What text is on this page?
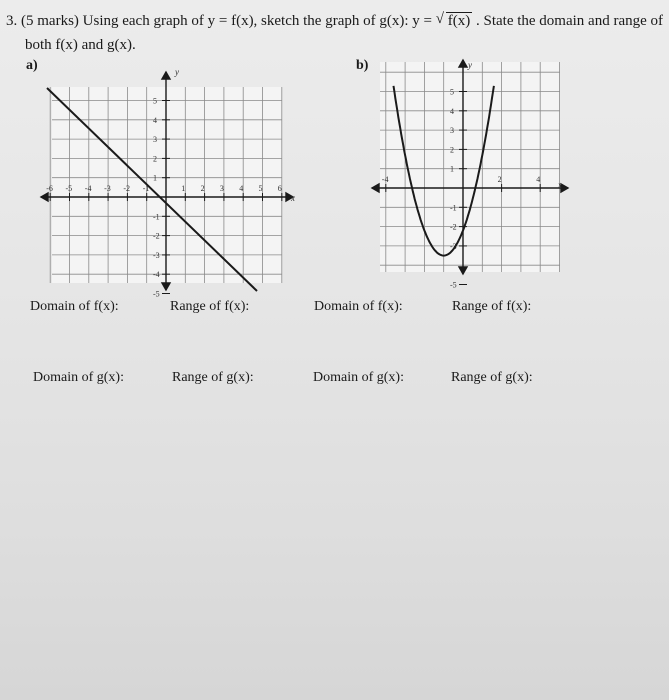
3. (5 marks) Using each graph of y = f(x), sketch the graph of g(x): y = √ f(x) . State the domain and range of
both f(x) and g(x).
a)	b)
-6 -5 -4 -3 -2 -1	1 2 3 4 5 6
1
2
3
4
5
-1
-2
-3
-4
-5
y
x
-4	2	4
1
2
3
4
5
-1
-2
-3
-5
y
x
Domain of f(x):	Range of f(x):	Domain of f(x):	Range of f(x):
Domain of g(x):	Range of g(x):	Domain of g(x):	Range of g(x):
